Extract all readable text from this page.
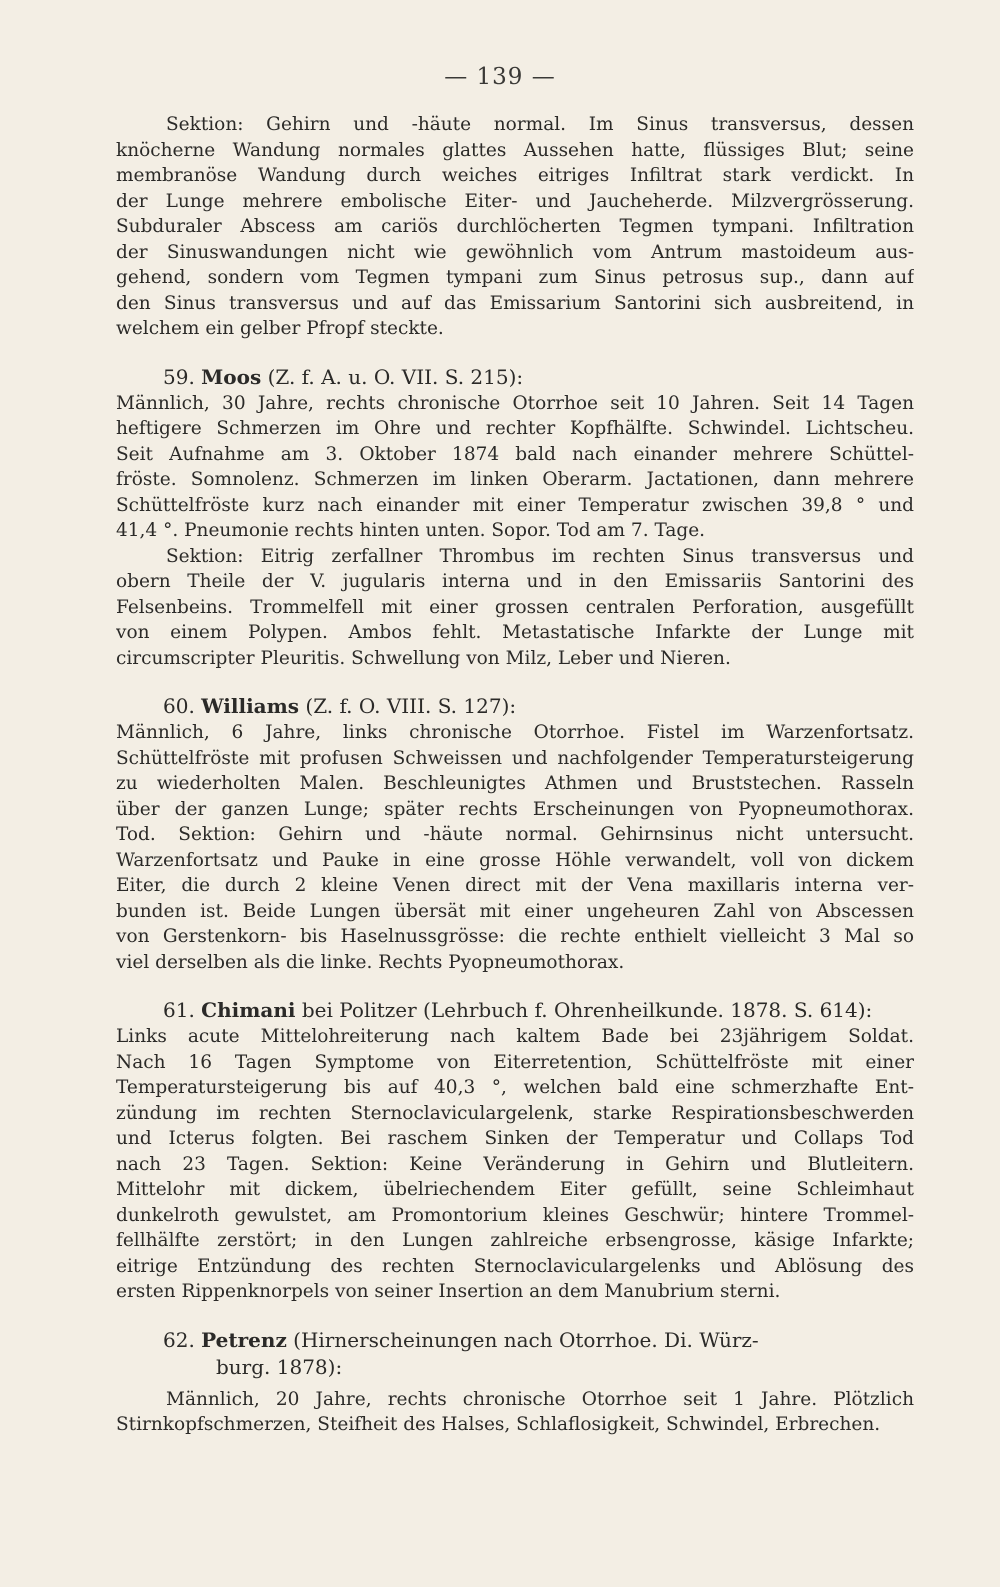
— 139 —
Sektion: Gehirn und -häute normal. Im Sinus transversus, dessen
knöcherne Wandung normales glattes Aussehen hatte, flüssiges Blut; seine
membranöse Wandung durch weiches eitriges Infiltrat stark verdickt. In
der Lunge mehrere embolische Eiter- und Jaucheherde. Milzvergrösserung.
Subduraler Abscess am cariös durchlöcherten Tegmen tympani. Infiltration
der Sinuswandungen nicht wie gewöhnlich vom Antrum mastoideum aus-
gehend, sondern vom Tegmen tympani zum Sinus petrosus sup., dann auf
den Sinus transversus und auf das Emissarium Santorini sich ausbreitend, in
welchem ein gelber Pfropf steckte.
59. Moos (Z. f. A. u. O. VII. S. 215):
Männlich, 30 Jahre, rechts chronische Otorrhoe seit 10 Jahren. Seit 14 Tagen
heftigere Schmerzen im Ohre und rechter Kopfhälfte. Schwindel. Lichtscheu.
Seit Aufnahme am 3. Oktober 1874 bald nach einander mehrere Schüttel-
fröste. Somnolenz. Schmerzen im linken Oberarm. Jactationen, dann mehrere
Schüttelfröste kurz nach einander mit einer Temperatur zwischen 39,8 ° und
41,4 °. Pneumonie rechts hinten unten. Sopor. Tod am 7. Tage.
Sektion: Eitrig zerfallner Thrombus im rechten Sinus transversus und
obern Theile der V. jugularis interna und in den Emissariis Santorini des
Felsenbeins. Trommelfell mit einer grossen centralen Perforation, ausgefüllt
von einem Polypen. Ambos fehlt. Metastatische Infarkte der Lunge mit
circumscripter Pleuritis. Schwellung von Milz, Leber und Nieren.
60. Williams (Z. f. O. VIII. S. 127):
Männlich, 6 Jahre, links chronische Otorrhoe. Fistel im Warzenfortsatz.
Schüttelfröste mit profusen Schweissen und nachfolgender Temperatursteigerung
zu wiederholten Malen. Beschleunigtes Athmen und Bruststechen. Rasseln
über der ganzen Lunge; später rechts Erscheinungen von Pyopneumothorax.
Tod. Sektion: Gehirn und -häute normal. Gehirnsinus nicht untersucht.
Warzenfortsatz und Pauke in eine grosse Höhle verwandelt, voll von dickem
Eiter, die durch 2 kleine Venen direct mit der Vena maxillaris interna ver-
bunden ist. Beide Lungen übersät mit einer ungeheuren Zahl von Abscessen
von Gerstenkorn- bis Haselnussgrösse: die rechte enthielt vielleicht 3 Mal so
viel derselben als die linke. Rechts Pyopneumothorax.
61. Chimani bei Politzer (Lehrbuch f. Ohrenheilkunde. 1878. S. 614):
Links acute Mittelohreiterung nach kaltem Bade bei 23jährigem Soldat.
Nach 16 Tagen Symptome von Eiterretention, Schüttelfröste mit einer
Temperatursteigerung bis auf 40,3 °, welchen bald eine schmerzhafte Ent-
zündung im rechten Sternoclaviculargelenk, starke Respirationsbeschwerden
und Icterus folgten. Bei raschem Sinken der Temperatur und Collaps Tod
nach 23 Tagen. Sektion: Keine Veränderung in Gehirn und Blutleitern.
Mittelohr mit dickem, übelriechendem Eiter gefüllt, seine Schleimhaut
dunkelroth gewulstet, am Promontorium kleines Geschwür; hintere Trommel-
fellhälfte zerstört; in den Lungen zahlreiche erbsengrosse, käsige Infarkte;
eitrige Entzündung des rechten Sternoclaviculargelenks und Ablösung des
ersten Rippenknorpels von seiner Insertion an dem Manubrium sterni.
62. Petrenz (Hirnerscheinungen nach Otorrhoe. Di. Würz-
burg. 1878):
Männlich, 20 Jahre, rechts chronische Otorrhoe seit 1 Jahre. Plötzlich
Stirnkopfschmerzen, Steifheit des Halses, Schlaflosigkeit, Schwindel, Erbrechen.
